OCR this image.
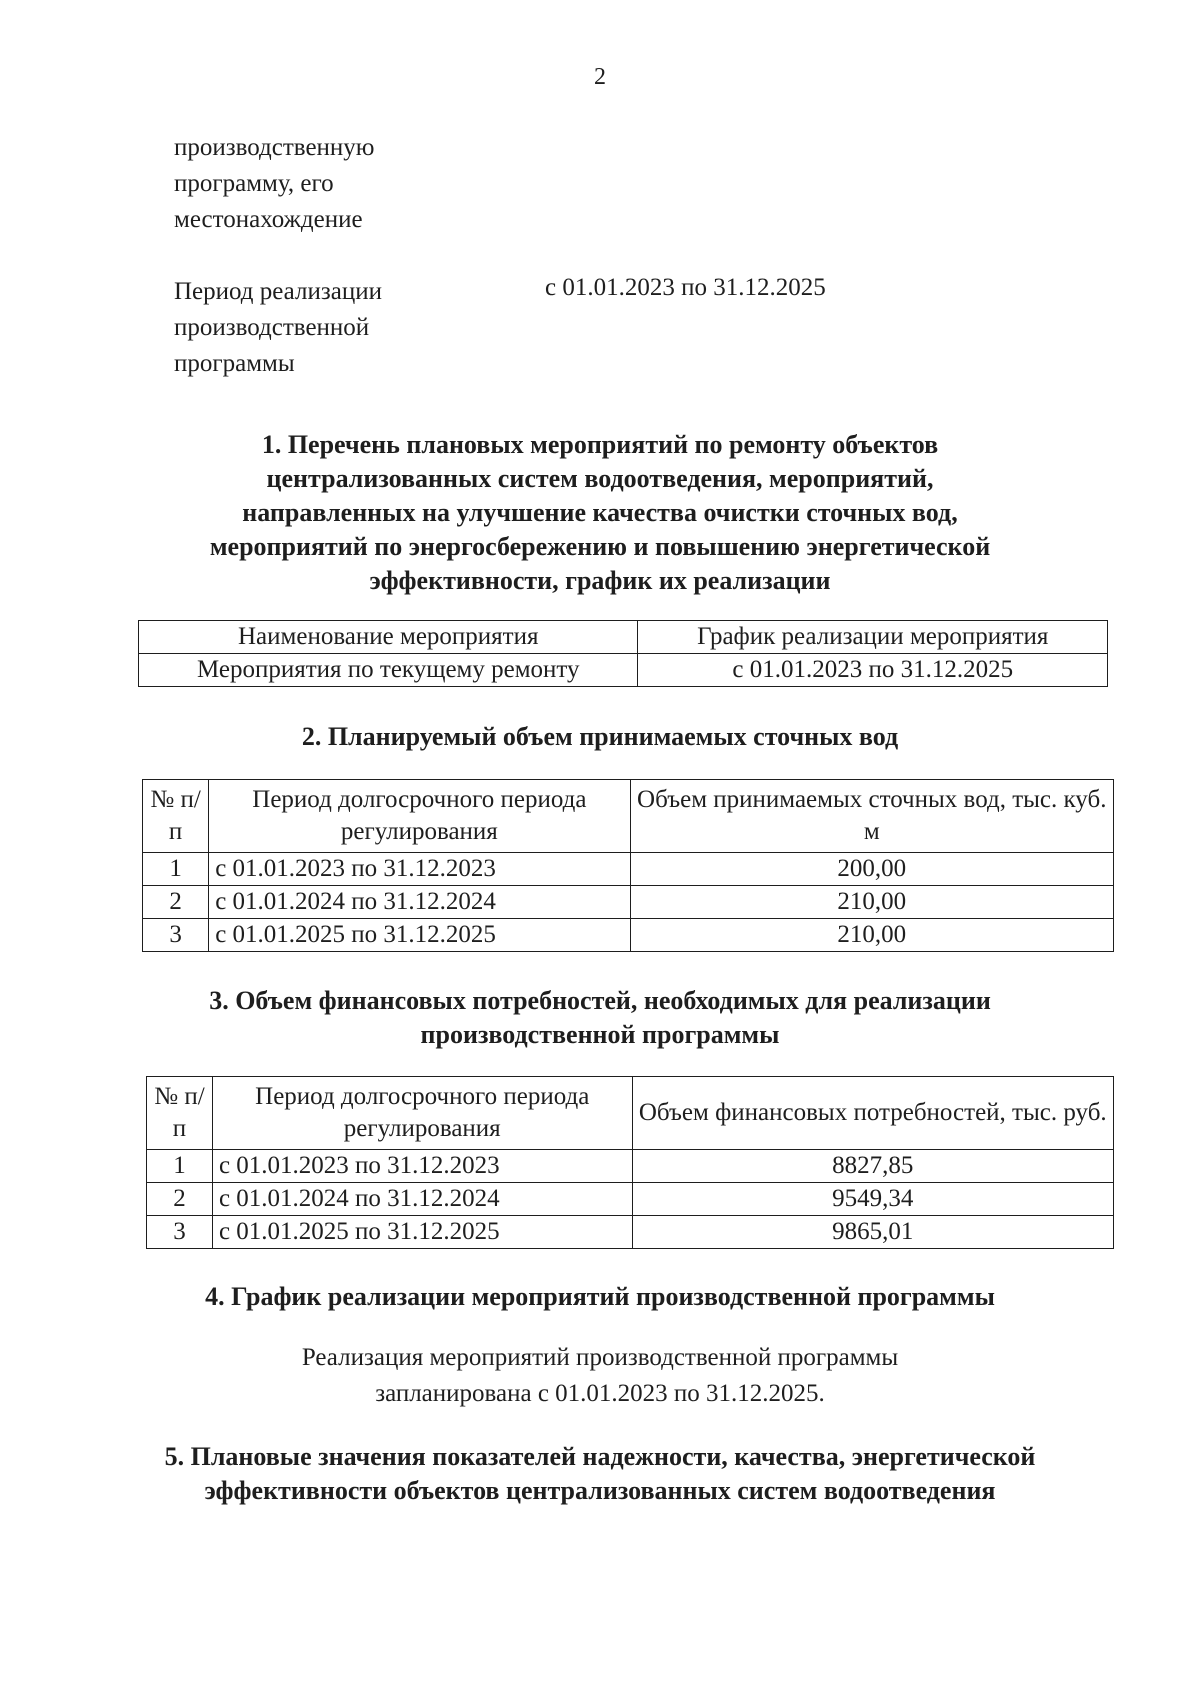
2
производственную
программу, его
местонахождение
Период реализации
производственной
программы
с 01.01.2023 по 31.12.2025
1. Перечень плановых мероприятий по ремонту объектов
централизованных систем водоотведения, мероприятий,
направленных на улучшение качества очистки сточных вод,
мероприятий по энергосбережению и повышению энергетической
эффективности, график их реализации
Наименование мероприятия	График реализации мероприятия
Мероприятия по текущему ремонту	с 01.01.2023 по 31.12.2025
2. Планируемый объем принимаемых сточных вод
№ п/п	Период долгосрочного периода регулирования	Объем принимаемых сточных вод, тыс. куб. м
1	с 01.01.2023 по 31.12.2023	200,00
2	с 01.01.2024 по 31.12.2024	210,00
3	с 01.01.2025 по 31.12.2025	210,00
3. Объем финансовых потребностей, необходимых для реализации
производственной программы
№ п/п	Период долгосрочного периода регулирования	Объем финансовых потребностей, тыс. руб.
1	с 01.01.2023 по 31.12.2023	8827,85
2	с 01.01.2024 по 31.12.2024	9549,34
3	с 01.01.2025 по 31.12.2025	9865,01
4. График реализации мероприятий производственной программы
Реализация мероприятий производственной программы
запланирована с 01.01.2023 по 31.12.2025.
5. Плановые значения показателей надежности, качества, энергетической
эффективности объектов централизованных систем водоотведения
